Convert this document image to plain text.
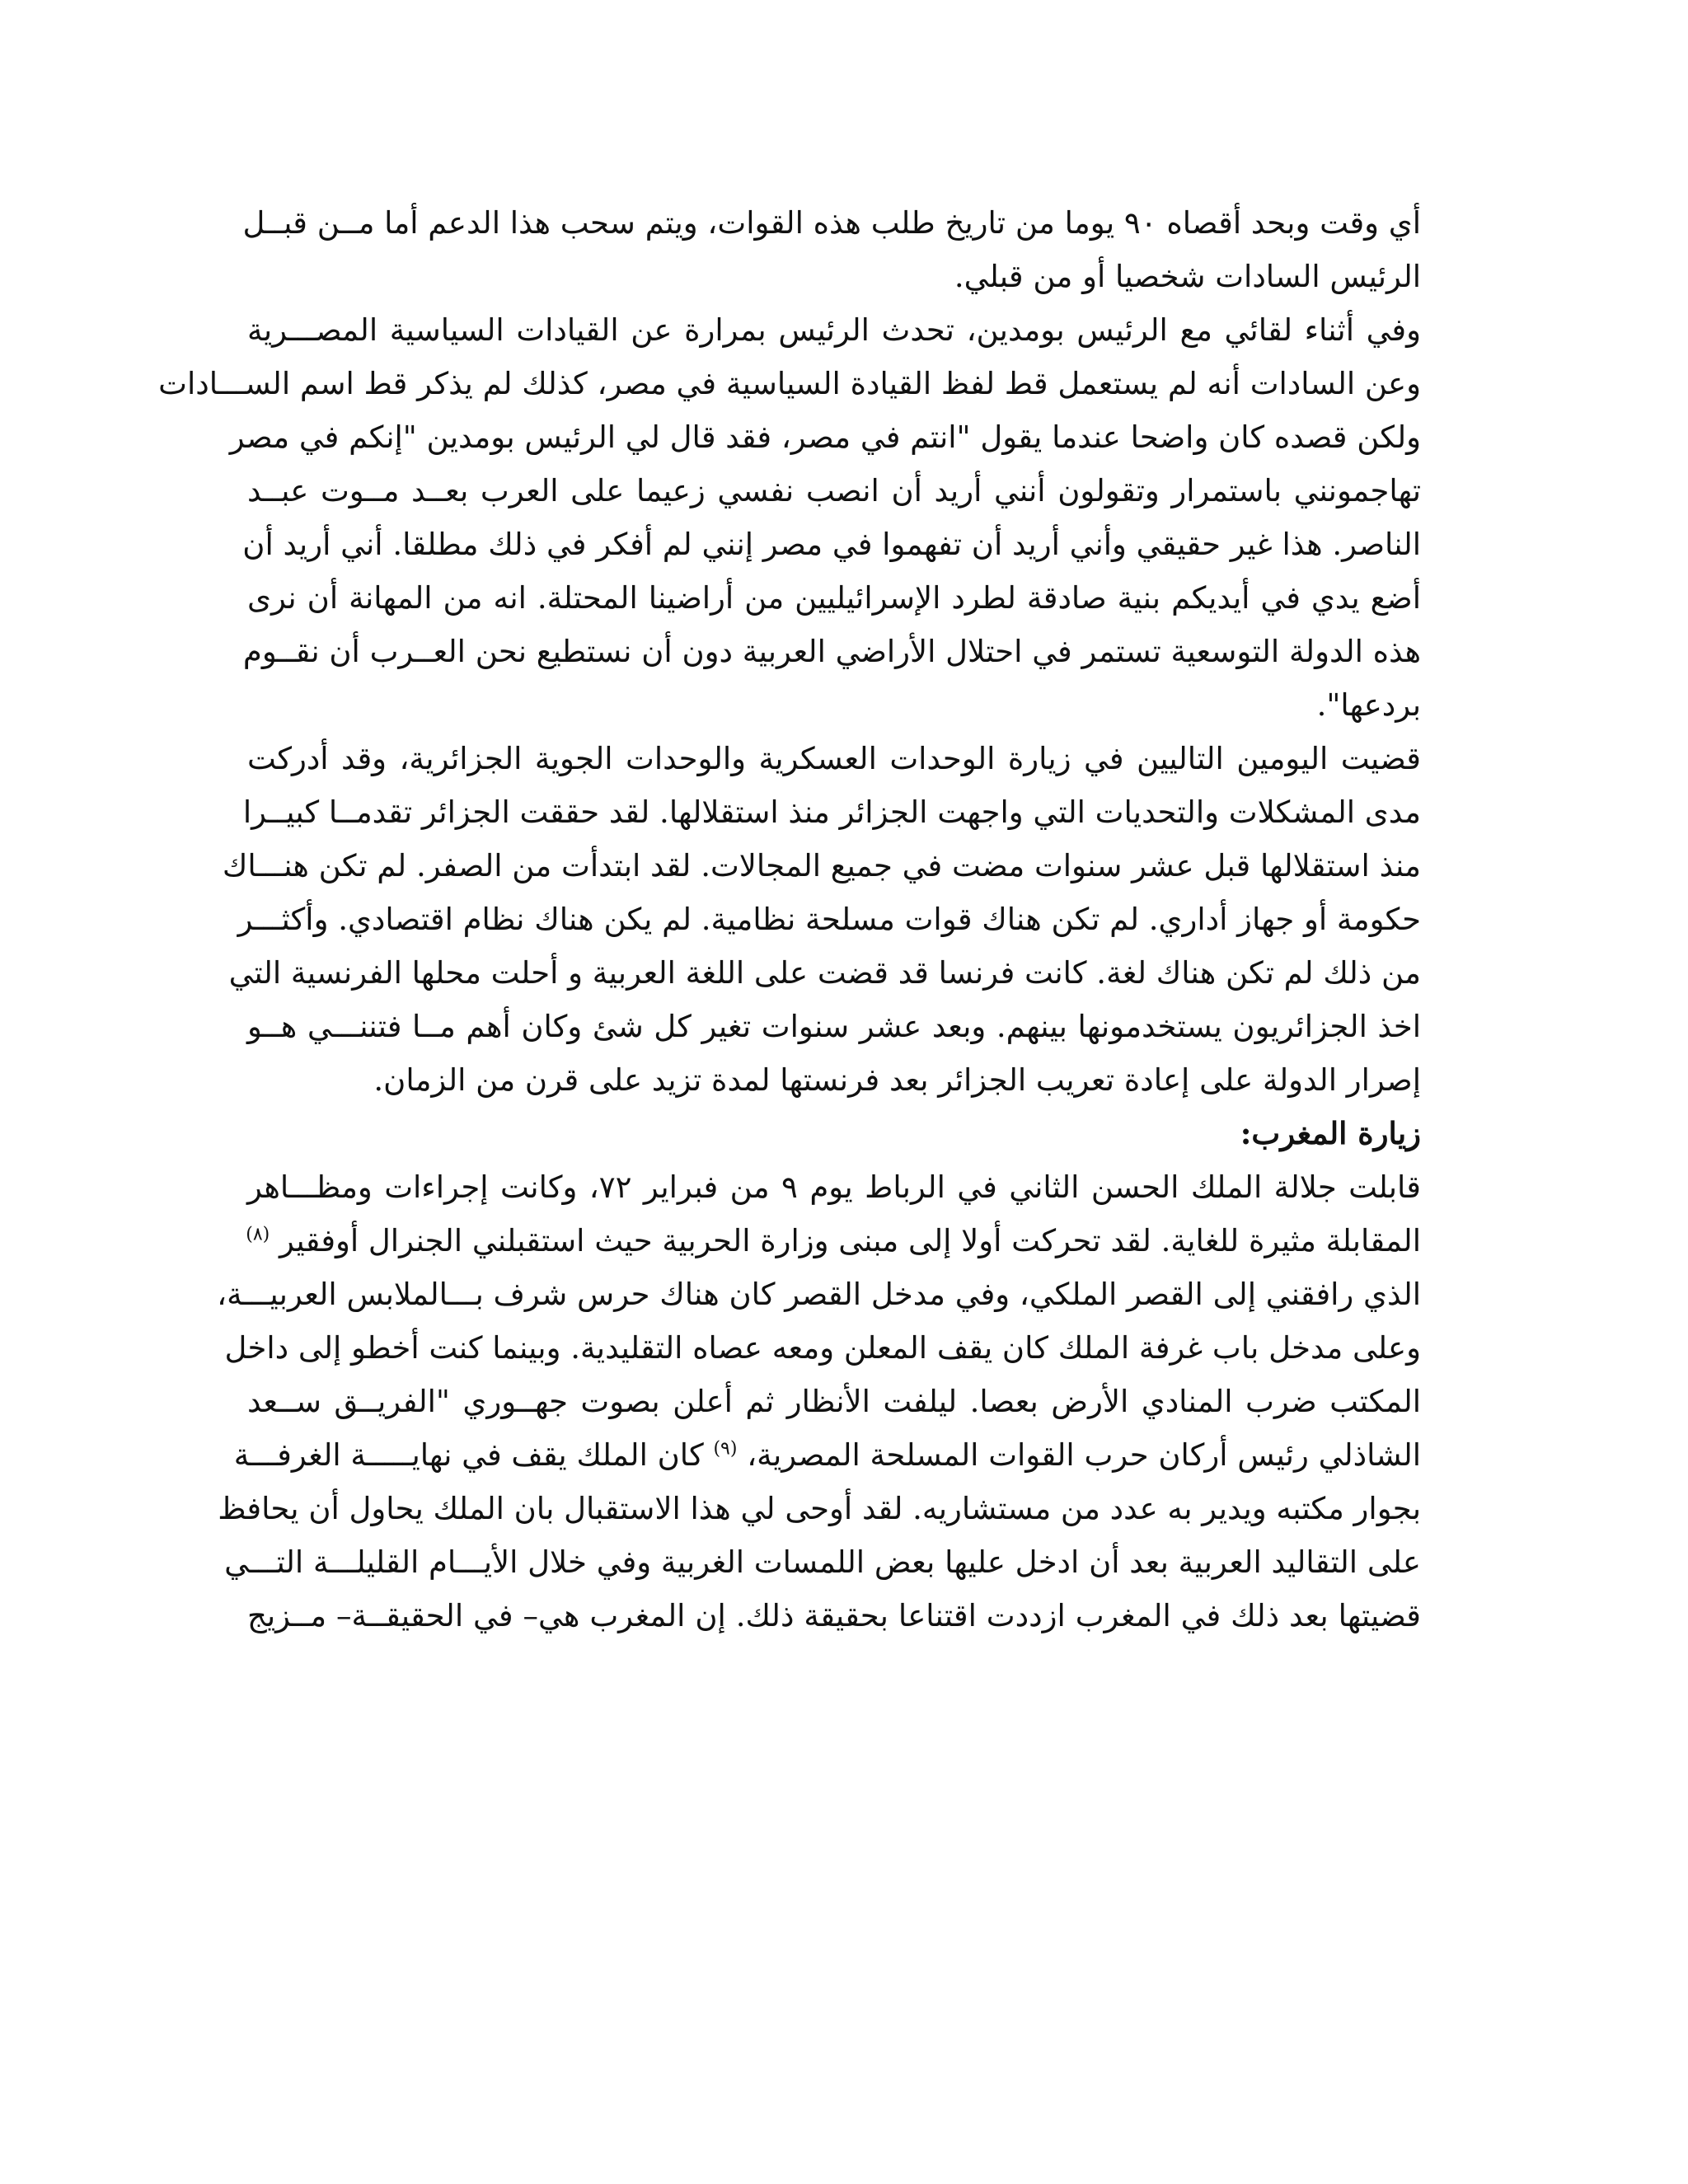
أي وقت وبحد أقصاه ٩٠ يوما من تاريخ طلب هذه القوات، ويتم سحب هذا الدعم أما مــن قبــل
الرئيس السادات شخصيا أو من قبلي.
وفي أثناء لقائي مع الرئيس بومدين، تحدث الرئيس بمرارة عن القيادات السياسية المصـــرية
وعن السادات أنه لم يستعمل قط لفظ القيادة السياسية في مصر، كذلك لم يذكر قط اسم الســـادات
ولكن قصده كان واضحا عندما يقول "انتم في مصر، فقد قال لي الرئيس بومدين "إنكم في مصر
تهاجمونني باستمرار وتقولون أنني أريد أن انصب نفسي زعيما على العرب بعــد مــوت عبــد
الناصر. هذا غير حقيقي وأني أريد أن تفهموا في مصر إنني لم أفكر في ذلك مطلقا. أني أريد أن
أضع يدي في أيديكم بنية صادقة لطرد الإسرائيليين من أراضينا المحتلة. انه من المهانة أن نرى
هذه الدولة التوسعية تستمر في احتلال الأراضي العربية دون أن نستطيع نحن العــرب أن نقــوم
بردعها".
قضيت اليومين التاليين في زيارة الوحدات العسكرية والوحدات الجوية الجزائرية، وقد أدركت
مدى المشكلات والتحديات التي واجهت الجزائر منذ استقلالها. لقد حققت الجزائر تقدمــا كبيــرا
منذ استقلالها قبل عشر سنوات مضت في جميع المجالات. لقد ابتدأت من الصفر. لم تكن هنـــاك
حكومة أو جهاز أداري. لم تكن هناك قوات مسلحة نظامية. لم يكن هناك نظام اقتصادي. وأكثـــر
من ذلك لم تكن هناك لغة. كانت فرنسا قد قضت على اللغة العربية و أحلت محلها الفرنسية التي
اخذ الجزائريون يستخدمونها بينهم. وبعد عشر سنوات تغير كل شئ وكان أهم مــا فتننـــي هــو
إصرار الدولة على إعادة تعريب الجزائر بعد فرنستها لمدة تزيد على قرن من الزمان.
زيارة المغرب:
قابلت جلالة الملك الحسن الثاني في الرباط يوم ٩ من فبراير ٧٢، وكانت إجراءات ومظـــاهر
المقابلة مثيرة للغاية. لقد تحركت أولا إلى مبنى وزارة الحربية حيث استقبلني الجنرال أوفقير $^{(٨)}$
الذي رافقني إلى القصر الملكي، وفي مدخل القصر كان هناك حرس شرف بـــالملابس العربيـــة،
وعلى مدخل باب غرفة الملك كان يقف المعلن ومعه عصاه التقليدية. وبينما كنت أخطو إلى داخل
المكتب ضرب المنادي الأرض بعصا. ليلفت الأنظار ثم أعلن بصوت جهــوري "الفريــق ســعد
الشاذلي رئيس أركان حرب القوات المسلحة المصرية، $^{(٩)}$ كان الملك يقف في نهايـــــة الغرفـــة
بجوار مكتبه ويدير به عدد من مستشاريه. لقد أوحى لي هذا الاستقبال بان الملك يحاول أن يحافظ
على التقاليد العربية بعد أن ادخل عليها بعض اللمسات الغربية وفي خلال الأيـــام القليلـــة التـــي
قضيتها بعد ذلك في المغرب ازددت اقتناعا بحقيقة ذلك. إن المغرب هي– في الحقيقــة– مــزيج
